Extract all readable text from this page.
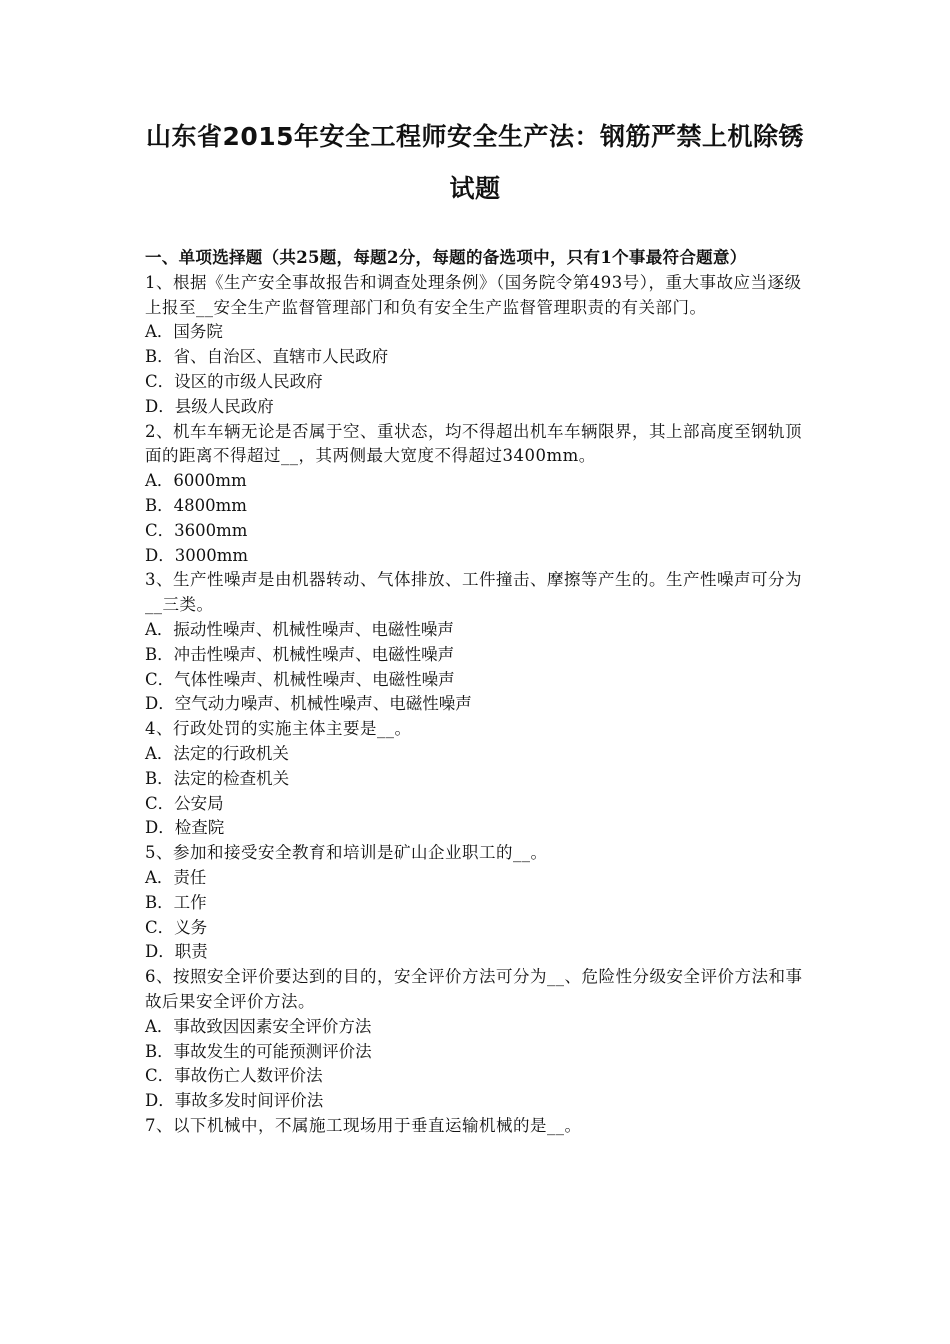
山东省2015年安全工程师安全生产法：钢筋严禁上机除锈
试题
一、单项选择题（共25题，每题2分，每题的备选项中，只有1个事最符合题意）
1、根据《生产安全事故报告和调查处理条例》（国务院令第493号），重大事故应当逐级上报至__安全生产监督管理部门和负有安全生产监督管理职责的有关部门。
A．国务院
B．省、自治区、直辖市人民政府
C．设区的市级人民政府
D．县级人民政府
2、机车车辆无论是否属于空、重状态，均不得超出机车车辆限界，其上部高度至钢轨顶面的距离不得超过__，其两侧最大宽度不得超过3400mm。
A．6000mm
B．4800mm
C．3600mm
D．3000mm
3、生产性噪声是由机器转动、气体排放、工件撞击、摩擦等产生的。生产性噪声可分为__三类。
A．振动性噪声、机械性噪声、电磁性噪声
B．冲击性噪声、机械性噪声、电磁性噪声
C．气体性噪声、机械性噪声、电磁性噪声
D．空气动力噪声、机械性噪声、电磁性噪声
4、行政处罚的实施主体主要是__。
A．法定的行政机关
B．法定的检查机关
C．公安局
D．检查院
5、参加和接受安全教育和培训是矿山企业职工的__。
A．责任
B．工作
C．义务
D．职责
6、按照安全评价要达到的目的，安全评价方法可分为__、危险性分级安全评价方法和事故后果安全评价方法。
A．事故致因因素安全评价方法
B．事故发生的可能预测评价法
C．事故伤亡人数评价法
D．事故多发时间评价法
7、以下机械中，不属施工现场用于垂直运输机械的是__。
